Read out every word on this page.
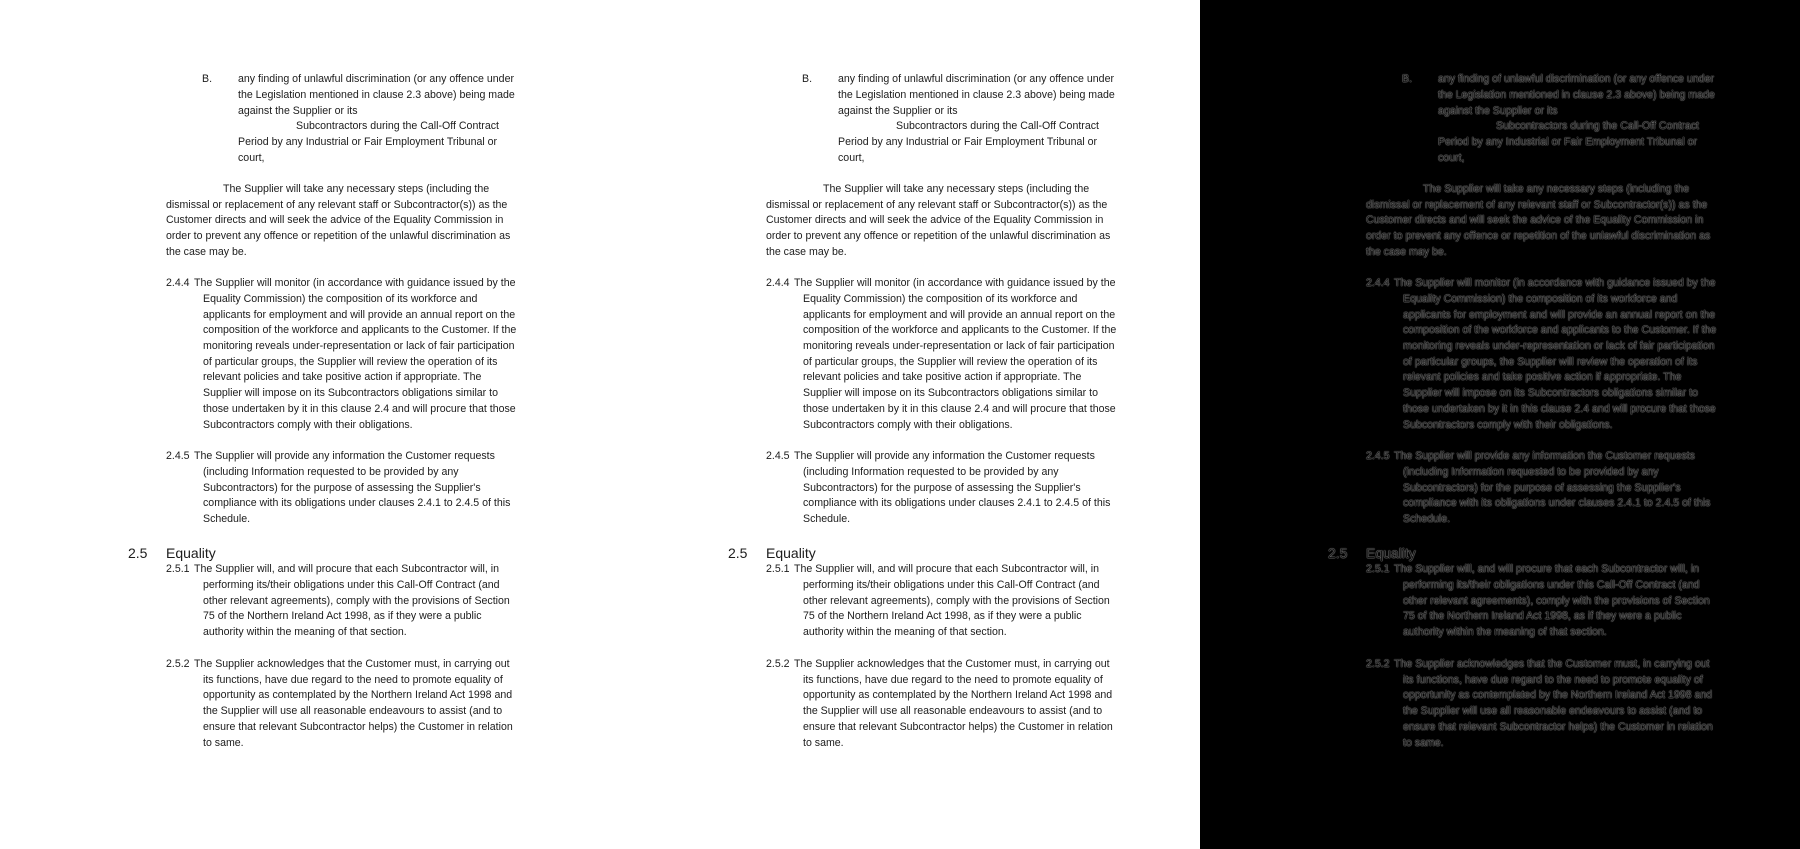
B. any finding of unlawful discrimination (or any offence under
the Legislation mentioned in clause 2.3 above) being made
against the Supplier or its
Subcontractors during the Call-Off Contract
Period by any Industrial or Fair Employment Tribunal or
court,
The Supplier will take any necessary steps (including the
dismissal or replacement of any relevant staff or Subcontractor(s)) as the
Customer directs and will seek the advice of the Equality Commission in
order to prevent any offence or repetition of the unlawful discrimination as
the case may be.
2.4.4 The Supplier will monitor (in accordance with guidance issued by the
Equality Commission) the composition of its workforce and
applicants for employment and will provide an annual report on the
composition of the workforce and applicants to the Customer. If the
monitoring reveals under-representation or lack of fair participation
of particular groups, the Supplier will review the operation of its
relevant policies and take positive action if appropriate. The
Supplier will impose on its Subcontractors obligations similar to
those undertaken by it in this clause 2.4 and will procure that those
Subcontractors comply with their obligations.
2.4.5 The Supplier will provide any information the Customer requests
(including Information requested to be provided by any
Subcontractors) for the purpose of assessing the Supplier's
compliance with its obligations under clauses 2.4.1 to 2.4.5 of this
Schedule.
2.5 Equality
2.5.1 The Supplier will, and will procure that each Subcontractor will, in
performing its/their obligations under this Call-Off Contract (and
other relevant agreements), comply with the provisions of Section
75 of the Northern Ireland Act 1998, as if they were a public
authority within the meaning of that section.
2.5.2 The Supplier acknowledges that the Customer must, in carrying out
its functions, have due regard to the need to promote equality of
opportunity as contemplated by the Northern Ireland Act 1998 and
the Supplier will use all reasonable endeavours to assist (and to
ensure that relevant Subcontractor helps) the Customer in relation
to same.
B. any finding of unlawful discrimination (or any offence under
the Legislation mentioned in clause 2.3 above) being made
against the Supplier or its
Subcontractors during the Call-Off Contract
Period by any Industrial or Fair Employment Tribunal or
court,
The Supplier will take any necessary steps (including the
dismissal or replacement of any relevant staff or Subcontractor(s)) as the
Customer directs and will seek the advice of the Equality Commission in
order to prevent any offence or repetition of the unlawful discrimination as
the case may be.
2.4.4 The Supplier will monitor (in accordance with guidance issued by the
Equality Commission) the composition of its workforce and
applicants for employment and will provide an annual report on the
composition of the workforce and applicants to the Customer. If the
monitoring reveals under-representation or lack of fair participation
of particular groups, the Supplier will review the operation of its
relevant policies and take positive action if appropriate. The
Supplier will impose on its Subcontractors obligations similar to
those undertaken by it in this clause 2.4 and will procure that those
Subcontractors comply with their obligations.
2.4.5 The Supplier will provide any information the Customer requests
(including Information requested to be provided by any
Subcontractors) for the purpose of assessing the Supplier's
compliance with its obligations under clauses 2.4.1 to 2.4.5 of this
Schedule.
2.5 Equality
2.5.1 The Supplier will, and will procure that each Subcontractor will, in
performing its/their obligations under this Call-Off Contract (and
other relevant agreements), comply with the provisions of Section
75 of the Northern Ireland Act 1998, as if they were a public
authority within the meaning of that section.
2.5.2 The Supplier acknowledges that the Customer must, in carrying out
its functions, have due regard to the need to promote equality of
opportunity as contemplated by the Northern Ireland Act 1998 and
the Supplier will use all reasonable endeavours to assist (and to
ensure that relevant Subcontractor helps) the Customer in relation
to same.
B. any finding of unlawful discrimination (or any offence under
the Legislation mentioned in clause 2.3 above) being made
against the Supplier or its
Subcontractors during the Call-Off Contract
Period by any Industrial or Fair Employment Tribunal or
court,
The Supplier will take any necessary steps (including the
dismissal or replacement of any relevant staff or Subcontractor(s)) as the
Customer directs and will seek the advice of the Equality Commission in
order to prevent any offence or repetition of the unlawful discrimination as
the case may be.
2.4.4 The Supplier will monitor (in accordance with guidance issued by the
Equality Commission) the composition of its workforce and
applicants for employment and will provide an annual report on the
composition of the workforce and applicants to the Customer. If the
monitoring reveals under-representation or lack of fair participation
of particular groups, the Supplier will review the operation of its
relevant policies and take positive action if appropriate. The
Supplier will impose on its Subcontractors obligations similar to
those undertaken by it in this clause 2.4 and will procure that those
Subcontractors comply with their obligations.
2.4.5 The Supplier will provide any information the Customer requests
(including Information requested to be provided by any
Subcontractors) for the purpose of assessing the Supplier's
compliance with its obligations under clauses 2.4.1 to 2.4.5 of this
Schedule.
2.5 Equality
2.5.1 The Supplier will, and will procure that each Subcontractor will, in
performing its/their obligations under this Call-Off Contract (and
other relevant agreements), comply with the provisions of Section
75 of the Northern Ireland Act 1998, as if they were a public
authority within the meaning of that section.
2.5.2 The Supplier acknowledges that the Customer must, in carrying out
its functions, have due regard to the need to promote equality of
opportunity as contemplated by the Northern Ireland Act 1998 and
the Supplier will use all reasonable endeavours to assist (and to
ensure that relevant Subcontractor helps) the Customer in relation
to same.
